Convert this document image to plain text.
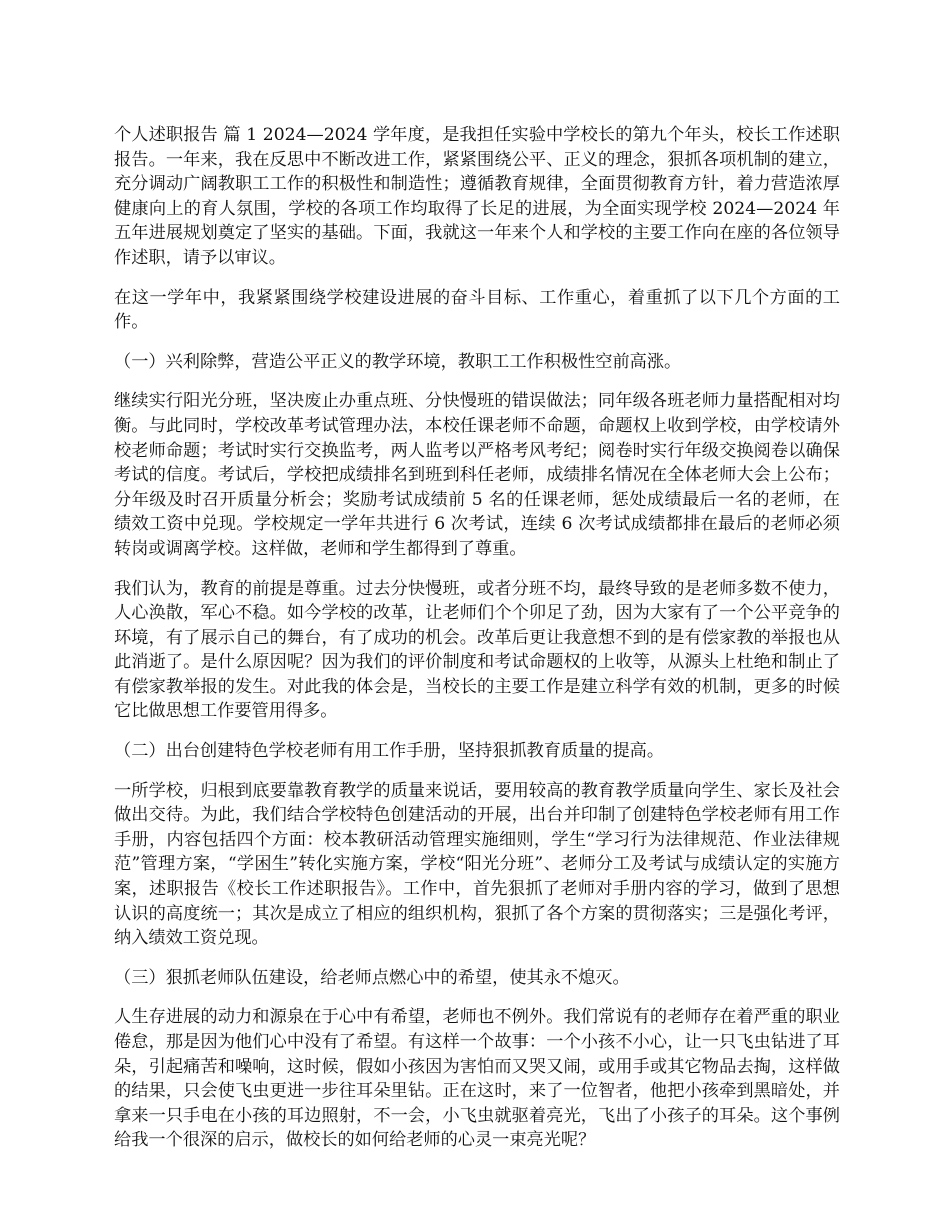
个人述职报告 篇 1 2024—2024 学年度，是我担任实验中学校长的第九个年头，校长工作述职报告。一年来，我在反思中不断改进工作，紧紧围绕公平、正义的理念，狠抓各项机制的建立，充分调动广阔教职工工作的积极性和制造性；遵循教育规律，全面贯彻教育方针，着力营造浓厚健康向上的育人氛围，学校的各项工作均取得了长足的进展，为全面实现学校 2024—2024 年五年进展规划奠定了坚实的基础。下面，我就这一年来个人和学校的主要工作向在座的各位领导作述职，请予以审议。

在这一学年中，我紧紧围绕学校建设进展的奋斗目标、工作重心，着重抓了以下几个方面的工作。

（一）兴利除弊，营造公平正义的教学环境，教职工工作积极性空前高涨。

继续实行阳光分班，坚决废止办重点班、分快慢班的错误做法；同年级各班老师力量搭配相对均衡。与此同时，学校改革考试管理办法，本校任课老师不命题，命题权上收到学校，由学校请外校老师命题；考试时实行交换监考，两人监考以严格考风考纪；阅卷时实行年级交换阅卷以确保考试的信度。考试后，学校把成绩排名到班到科任老师，成绩排名情况在全体老师大会上公布；分年级及时召开质量分析会；奖励考试成绩前 5 名的任课老师，惩处成绩最后一名的老师，在绩效工资中兑现。学校规定一学年共进行 6 次考试，连续 6 次考试成绩都排在最后的老师必须转岗或调离学校。这样做，老师和学生都得到了尊重。

我们认为，教育的前提是尊重。过去分快慢班，或者分班不均，最终导致的是老师多数不使力，人心涣散，军心不稳。如今学校的改革，让老师们个个卯足了劲，因为大家有了一个公平竞争的环境，有了展示自己的舞台，有了成功的机会。改革后更让我意想不到的是有偿家教的举报也从此消逝了。是什么原因呢？因为我们的评价制度和考试命题权的上收等，从源头上杜绝和制止了有偿家教举报的发生。对此我的体会是，当校长的主要工作是建立科学有效的机制，更多的时候它比做思想工作要管用得多。

（二）出台创建特色学校老师有用工作手册，坚持狠抓教育质量的提高。

一所学校，归根到底要靠教育教学的质量来说话，要用较高的教育教学质量向学生、家长及社会做出交待。为此，我们结合学校特色创建活动的开展，出台并印制了创建特色学校老师有用工作手册，内容包括四个方面：校本教研活动管理实施细则，学生“学习行为法律规范、作业法律规范”管理方案，“学困生”转化实施方案，学校“阳光分班”、老师分工及考试与成绩认定的实施方案，述职报告《校长工作述职报告》。工作中，首先狠抓了老师对手册内容的学习，做到了思想认识的高度统一；其次是成立了相应的组织机构，狠抓了各个方案的贯彻落实；三是强化考评，纳入绩效工资兑现。

（三）狠抓老师队伍建设，给老师点燃心中的希望，使其永不熄灭。

人生存进展的动力和源泉在于心中有希望，老师也不例外。我们常说有的老师存在着严重的职业倦怠，那是因为他们心中没有了希望。有这样一个故事：一个小孩不小心，让一只飞虫钻进了耳朵，引起痛苦和噪响，这时候，假如小孩因为害怕而又哭又闹，或用手或其它物品去掏，这样做的结果，只会使飞虫更进一步往耳朵里钻。正在这时，来了一位智者，他把小孩牵到黑暗处，并拿来一只手电在小孩的耳边照射，不一会，小飞虫就驱着亮光，飞出了小孩子的耳朵。这个事例给我一个很深的启示，做校长的如何给老师的心灵一束亮光呢？
